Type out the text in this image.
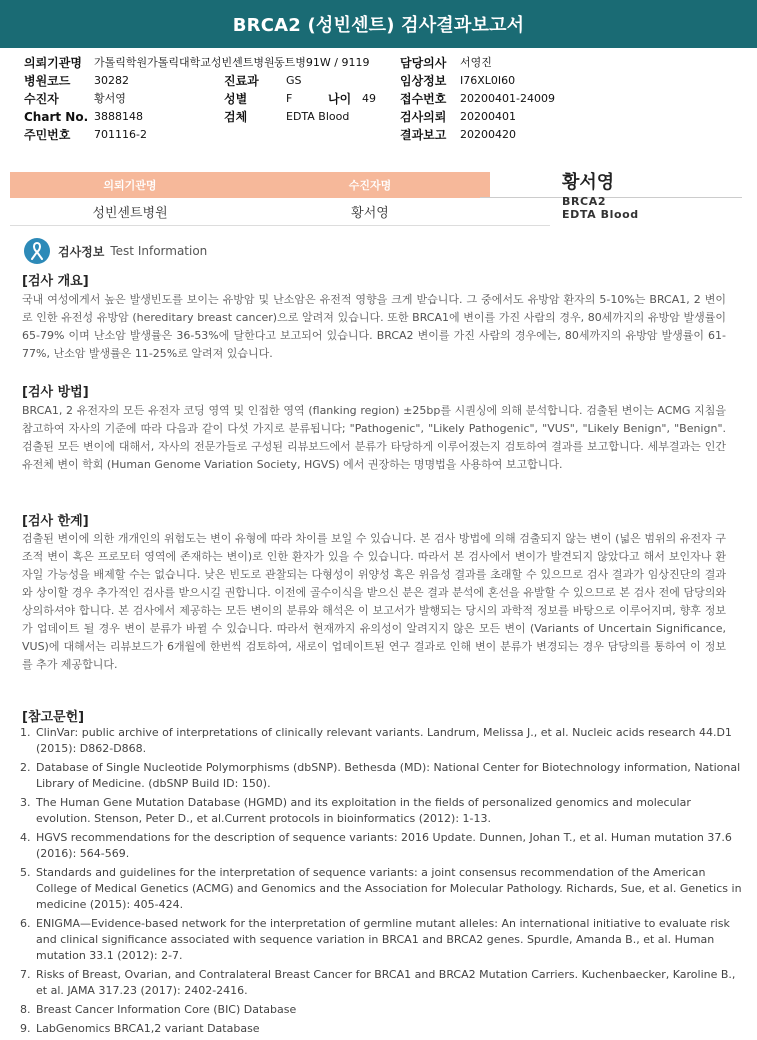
BRCA2 (성빈센트) 검사결과보고서
의뢰기관명 가톨릭학원가톨릭대학교성빈센트병원 동트병91W / 9119	담당의사 서영진
병원코드 30282	진료과 GS	임상정보 I76XL0I60
수진자	황서영	성별	F	나이 49 접수번호 20200401-24009
Chart No. 3888148	검체	EDTA Blood	검사의뢰 20200401
주민번호 701116-2	결과보고 20200420
의뢰기관명	수진자명
성빈센트병원	황서영
황서영
BRCA2
EDTA Blood
검사정보 Test Information
[검사 개요]
국내 여성에게서 높은 발생빈도를 보이는 유방암 및 난소암은 유전적 영향을 크게 받습니다. 그 중에서도 유방암 환자의 5-10%는 BRCA1, 2 변이로 인한 유전성 유방암 (hereditary breast cancer)으로 알려져 있습니다. 또한 BRCA1에 변이를 가진 사람의 경우, 80세까지의 유방암 발생률이 65-79% 이며 난소암 발생률은 36-53%에 달한다고 보고되어 있습니다. BRCA2 변이를 가진 사람의 경우에는, 80세까지의 유방암 발생률이 61-77%, 난소암 발생률은 11-25%로 알려져 있습니다.
[검사 방법]
BRCA1, 2 유전자의 모든 유전자 코딩 영역 및 인접한 영역 (flanking region) ±25bp를 시퀀싱에 의해 분석합니다. 검출된 변이는 ACMG 지침을 참고하여 자사의 기준에 따라 다음과 같이 다섯 가지로 분류됩니다; "Pathogenic", "Likely Pathogenic", "VUS", "Likely Benign", "Benign". 검출된 모든 변이에 대해서, 자사의 전문가들로 구성된 리뷰보드에서 분류가 타당하게 이루어졌는지 검토하여 결과를 보고합니다. 세부결과는 인간 유전체 변이 학회 (Human Genome Variation Society, HGVS) 에서 권장하는 명명법을 사용하여 보고합니다.
[검사 한계]
검출된 변이에 의한 개개인의 위험도는 변이 유형에 따라 차이를 보일 수 있습니다. 본 검사 방법에 의해 검출되지 않는 변이 (넓은 범위의 유전자 구조적 변이 혹은 프로모터 영역에 존재하는 변이)로 인한 환자가 있을 수 있습니다. 따라서 본 검사에서 변이가 발견되지 않았다고 해서 보인자나 환자일 가능성을 배제할 수는 없습니다. 낮은 빈도로 관찰되는 다형성이 위양성 혹은 위음성 결과를 초래할 수 있으므로 검사 결과가 임상진단의 결과와 상이할 경우 추가적인 검사를 받으시길 권합니다. 이전에 골수이식을 받으신 분은 결과 분석에 혼선을 유발할 수 있으므로 본 검사 전에 담당의와 상의하셔야 합니다. 본 검사에서 제공하는 모든 변이의 분류와 해석은 이 보고서가 발행되는 당시의 과학적 정보를 바탕으로 이루어지며, 향후 정보가 업데이트 될 경우 변이 분류가 바뀔 수 있습니다. 따라서 현재까지 유의성이 알려지지 않은 모든 변이 (Variants of Uncertain Significance, VUS)에 대해서는 리뷰보드가 6개월에 한번씩 검토하여, 새로이 업데이트된 연구 결과로 인해 변이 분류가 변경되는 경우 담당의를 통하여 이 정보를 추가 제공합니다.
[참고문헌]
1. ClinVar: public archive of interpretations of clinically relevant variants. Landrum, Melissa J., et al. Nucleic acids research 44.D1 (2015): D862-D868.
2. Database of Single Nucleotide Polymorphisms (dbSNP). Bethesda (MD): National Center for Biotechnology information, National Library of Medicine. (dbSNP Build ID: 150).
3. The Human Gene Mutation Database (HGMD) and its exploitation in the fields of personalized genomics and molecular evolution. Stenson, Peter D., et al.Current protocols in bioinformatics (2012): 1-13.
4. HGVS recommendations for the description of sequence variants: 2016 Update. Dunnen, Johan T., et al. Human mutation 37.6 (2016): 564-569.
5. Standards and guidelines for the interpretation of sequence variants: a joint consensus recommendation of the American College of Medical Genetics (ACMG) and Genomics and the Association for Molecular Pathology. Richards, Sue, et al. Genetics in medicine (2015): 405-424.
6. ENIGMA—Evidence-based network for the interpretation of germline mutant alleles: An international initiative to evaluate risk and clinical significance associated with sequence variation in BRCA1 and BRCA2 genes. Spurdle, Amanda B., et al. Human mutation 33.1 (2012): 2-7.
7. Risks of Breast, Ovarian, and Contralateral Breast Cancer for BRCA1 and BRCA2 Mutation Carriers. Kuchenbaecker, Karoline B., et al. JAMA 317.23 (2017): 2402-2416.
8. Breast Cancer Information Core (BIC) Database
9. LabGenomics BRCA1,2 variant Database
